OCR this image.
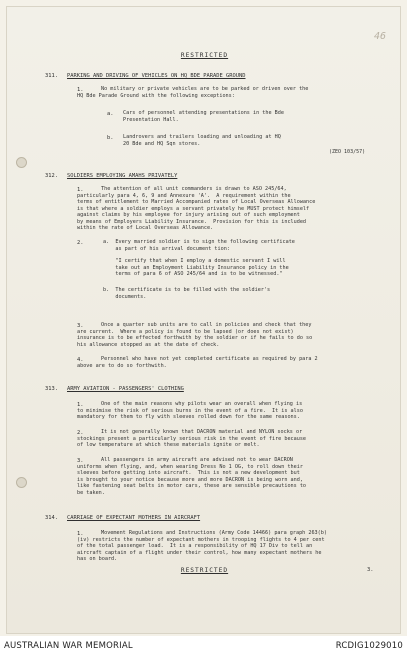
46
RESTRICTED
311. PARKING AND DRIVING OF VEHICLES ON HQ BDE PARADE GROUND
1.	No military or private vehicles are to be parked or driven over the
HQ Bde Parade Ground with the following exceptions:
a. Cars of personnel attending presentations in the Bde
Presentation Hall.
b. Landrovers and trailers loading and unloading at HQ
20 Bde and HQ Sqn stores.
(ZEO 103/57)
312. SOLDIERS EMPLOYING AMAHS PRIVATELY
1.	The attention of all unit commanders is drawn to ASO 245/64,
particularly para 4, 6, 9 and Annexure 'A'.  A requirement within the
terms of entitlement to Married Accompanied rates of Local Overseas Allowance
is that where a soldier employs a servant privately he MUST protect himself
against claims by his employee for injury arising out of such employment
by means of Employers Liability Insurance.  Provision for this is included
within the rate of Local Overseas Allowance.
2.	a.  Every married soldier is to sign the following certificate
as part of his arrival document tion:
"I certify that when I employ a domestic servant I will
take out an Employment Liability Insurance policy in the
terms of para 6 of ASO 245/64 and is to be witnessed."
b.  The certificate is to be filled with the soldier's
documents.
3.	Once a quarter sub units are to call in policies and check that they
are current.  Where a policy is found to be lapsed (or does not exist)
insurance is to be effected forthwith by the soldier or if he fails to do so
his allowance stopped as at the date of check.
4.	Personnel who have not yet completed certificate as required by para 2
above are to do so forthwith.
313. ARMY AVIATION - PASSENGERS' CLOTHING
1.	One of the main reasons why pilots wear an overall when flying is
to minimise the risk of serious burns in the event of a fire.  It is also
mandatory for them to fly with sleeves rolled down for the same reasons.
2.	It is not generally known that DACRON material and NYLON socks or
stockings present a particularly serious risk in the event of fire because
of low temperature at which these materials ignite or melt.
3.	All passengers in army aircraft are advised not to wear DACRON
uniforms when flying, and, when wearing Dress No 1 OG, to roll down their
sleeves before getting into aircraft.  This is not a new development but
is brought to your notice because more and more DACRON is being worn and,
like fastening seat belts in motor cars, these are sensible precautions to
be taken.
314. CARRIAGE OF EXPECTANT MOTHERS IN AIRCRAFT
1.	Movement Regulations and Instructions (Army Code 14466) para graph 263(b)
(iv) restricts the number of expectant mothers in trooping flights to 4 per cent
of the total passenger load.  It is a responsibility of HQ 17 Div to tell an
aircraft captain of a flight under their control, how many expectant mothers he
has on board.
RESTRICTED	3.
AUSTRALIAN WAR MEMORIAL	RCDIG1029010
